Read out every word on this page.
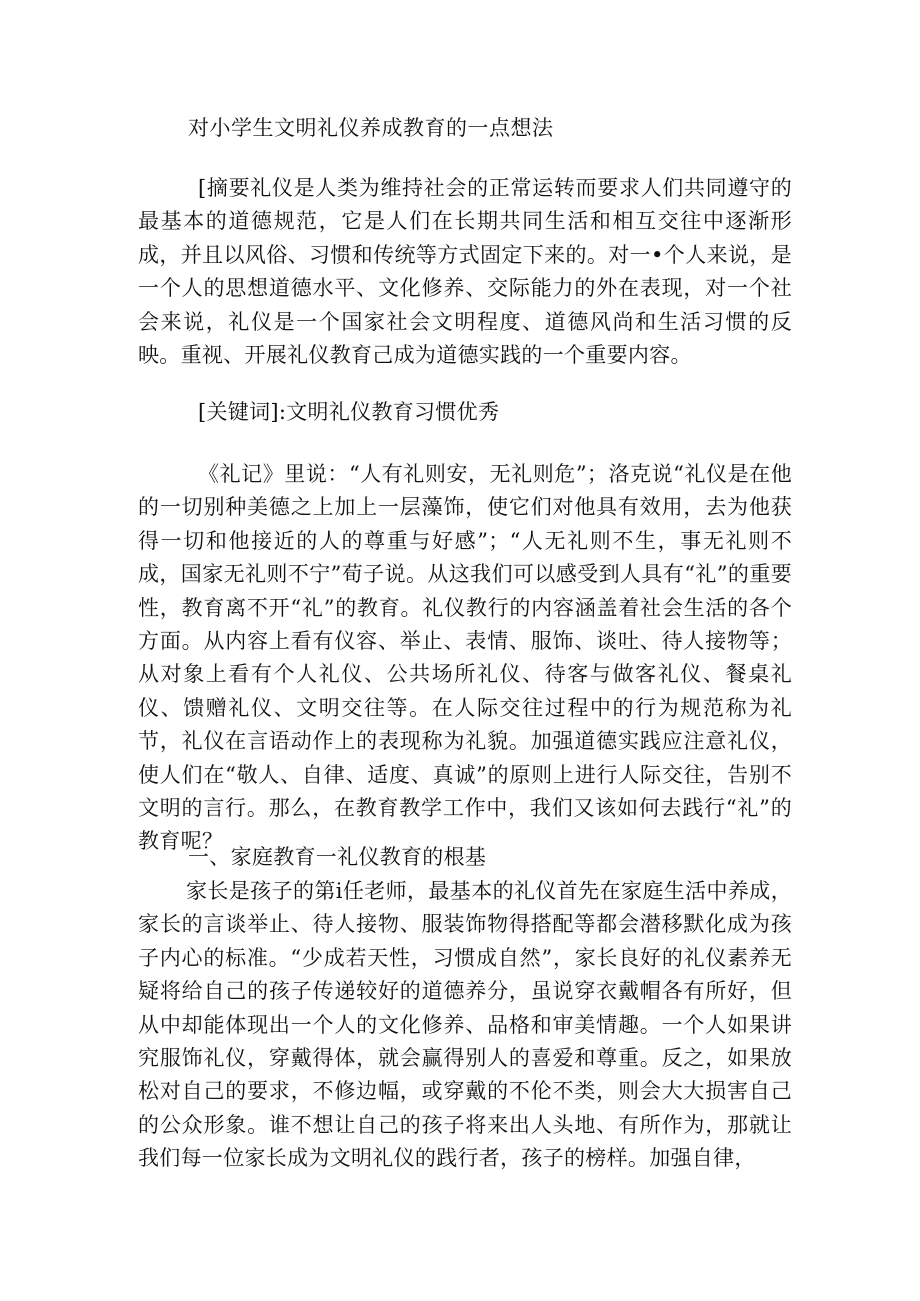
对小学生文明礼仪养成教育的一点想法
[摘要礼仪是人类为维持社会的正常运转而要求人们共同遵守的最基本的道德规范，它是人们在长期共同生活和相互交往中逐渐形成，并且以风俗、习惯和传统等方式固定下来的。对一•个人来说，是一个人的思想道德水平、文化修养、交际能力的外在表现，对一个社会来说，礼仪是一个国家社会文明程度、道德风尚和生活习惯的反映。重视、开展礼仪教育己成为道德实践的一个重要内容。
[关键词]:文明礼仪教育习惯优秀
《礼记》里说：“人有礼则安，无礼则危”；洛克说“礼仪是在他的一切别种美德之上加上一层藻饰，使它们对他具有效用，去为他获得一切和他接近的人的尊重与好感”；“人无礼则不生，事无礼则不成，国家无礼则不宁”荀子说。从这我们可以感受到人具有“礼”的重要性，教育离不开“礼”的教育。礼仪教行的内容涵盖着社会生活的各个方面。从内容上看有仪容、举止、表情、服饰、谈吐、待人接物等；从对象上看有个人礼仪、公共场所礼仪、待客与做客礼仪、餐桌礼仪、馈赠礼仪、文明交往等。在人际交往过程中的行为规范称为礼节，礼仪在言语动作上的表现称为礼貌。加强道德实践应注意礼仪，使人们在“敬人、自律、适度、真诚”的原则上进行人际交往，告别不文明的言行。那么，在教育教学工作中，我们又该如何去践行“礼”的教育呢？
一、家庭教育一礼仪教育的根基
家长是孩子的第i任老师，最基本的礼仪首先在家庭生活中养成，家长的言谈举止、待人接物、服装饰物得搭配等都会潜移默化成为孩子内心的标准。“少成若天性，习惯成自然”，家长良好的礼仪素养无疑将给自己的孩子传递较好的道德养分，虽说穿衣戴帽各有所好，但从中却能体现出一个人的文化修养、品格和审美情趣。一个人如果讲究服饰礼仪，穿戴得体，就会赢得别人的喜爱和尊重。反之，如果放松对自己的要求，不修边幅，或穿戴的不伦不类，则会大大损害自己的公众形象。谁不想让自己的孩子将来出人头地、有所作为，那就让我们每一位家长成为文明礼仪的践行者，孩子的榜样。加强自律，
